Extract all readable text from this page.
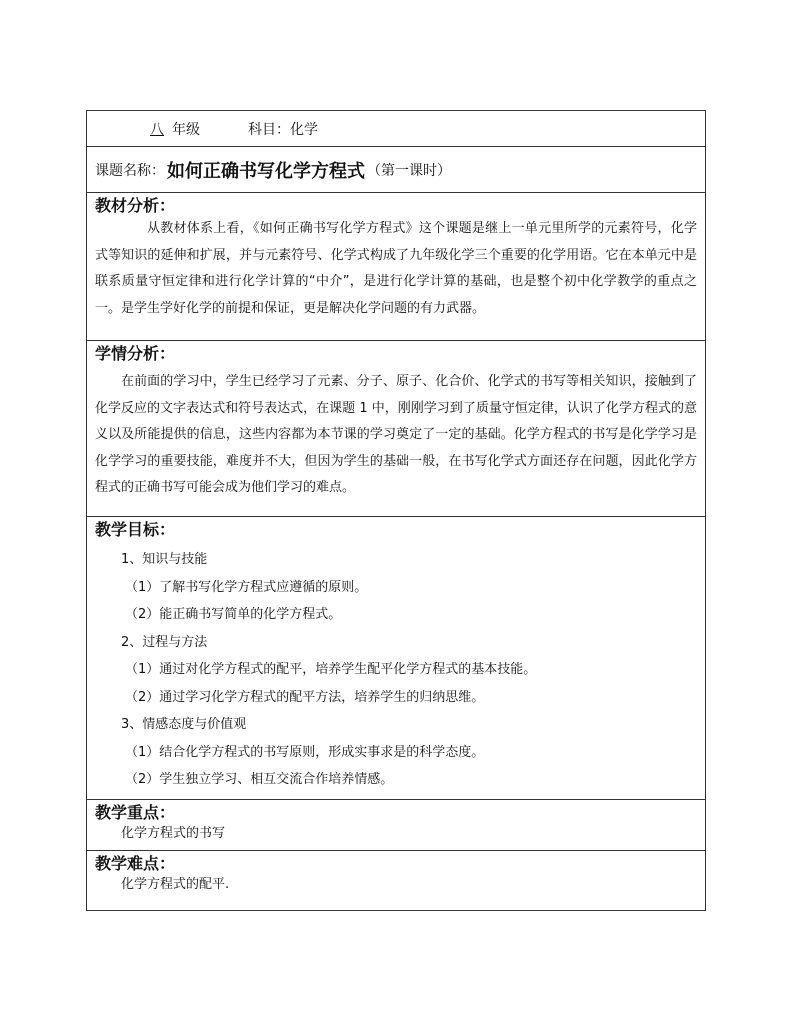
八 年级	科目：化学
课题名称： 如何正确书写化学方程式 （第一课时）
教材分析：

从教材体系上看，《如何正确书写化学方程式》这个课题是继上一单元里所学的元素符号，化学式等知识的延伸和扩展，并与元素符号、化学式构成了九年级化学三个重要的化学用语。它在本单元中是联系质量守恒定律和进行化学计算的“中介”，是进行化学计算的基础，也是整个初中化学教学的重点之一。是学生学好化学的前提和保证，更是解决化学问题的有力武器。

学情分析：

在前面的学习中，学生已经学习了元素、分子、原子、化合价、化学式的书写等相关知识，接触到了化学反应的文字表达式和符号表达式，在课题 1 中，刚刚学习到了质量守恒定律，认识了化学方程式的意义以及所能提供的信息，这些内容都为本节课的学习奠定了一定的基础。化学方程式的书写是化学学习是化学学习的重要技能，难度并不大，但因为学生的基础一般，在书写化学式方面还存在问题，因此化学方程式的正确书写可能会成为他们学习的难点。

教学目标：
1、知识与技能
（1）了解书写化学方程式应遵循的原则。
（2）能正确书写简单的化学方程式。
2、过程与方法
（1）通过对化学方程式的配平，培养学生配平化学方程式的基本技能。
（2）通过学习化学方程式的配平方法，培养学生的归纳思维。
3、情感态度与价值观
（1）结合化学方程式的书写原则，形成实事求是的科学态度。
（2）学生独立学习、相互交流合作培养情感。
教学重点：
化学方程式的书写
教学难点：
化学方程式的配平.
